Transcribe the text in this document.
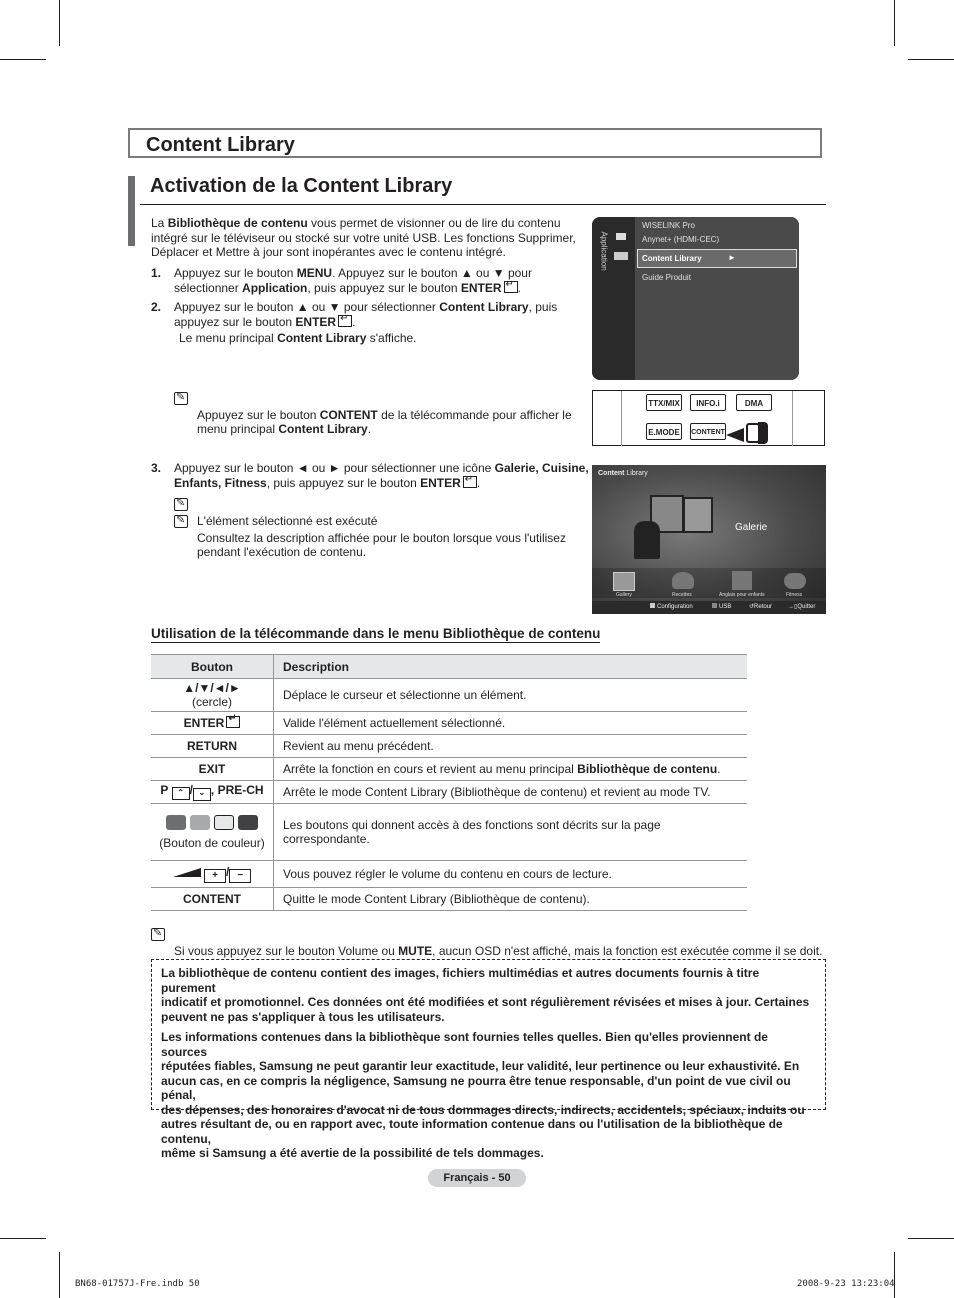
Content Library
Activation de la Content Library
La Bibliothèque de contenu vous permet de visionner ou de lire du contenu
intégré sur le téléviseur ou stocké sur votre unité USB. Les fonctions Supprimer,
Déplacer et Mettre à jour sont inopérantes avec le contenu intégré.
1. Appuyez sur le bouton MENU. Appuyez sur le bouton ▲ ou ▼ pour
sélectionner Application, puis appuyez sur le bouton ENTER ↵ .
2. Appuyez sur le bouton ▲ ou ▼ pour sélectionner Content Library, puis
appuyez sur le bouton ENTER ↵ .
Le menu principal Content Library s'affiche.
✎
Appuyez sur le bouton CONTENT de la télécommande pour afficher le
menu principal Content Library.
Application
WISELINK Pro
Anynet+ (HDMI-CEC)
Content Library	►
Guide Produit
TTX/MIX	INFO.i	DMA
E.MODE	CONTENT
3. Appuyez sur le bouton ◄ ou ► pour sélectionner une icône Galerie, Cuisine,
Enfants, Fitness, puis appuyez sur le bouton ENTER ↵ .
✎
L'élément sélectionné est exécuté
✎
Consultez la description affichée pour le bouton lorsque vous l'utilisez
pendant l'exécution de contenu.
Content Library
Galerie
Gallery	Recettes	Anglais pour enfants	Fitness
Configuration	USB	↺Retour	→▯Quitter
Utilisation de la télécommande dans le menu Bibliothèque de contenu
Bouton	Description
▲/▼/◄/►
(cercle)	Déplace le curseur et sélectionne un élément.
ENTER↵	Valide l'élément actuellement sélectionné.
RETURN	Revient au menu précédent.
EXIT	Arrête la fonction en cours et revient au menu principal Bibliothèque de contenu.
P ⌃ / ⌄ , PRE-CH	Arrête le mode Content Library (Bibliothèque de contenu) et revient au mode TV.

(Bouton de couleur)	Les boutons qui donnent accès à des fonctions sont décrits sur la page correspondante.
+ / −	Vous pouvez régler le volume du contenu en cours de lecture.
CONTENT	Quitte le mode Content Library (Bibliothèque de contenu).
✎
Si vous appuyez sur le bouton Volume ou MUTE, aucun OSD n'est affiché, mais la fonction est exécutée comme il se doit.
La bibliothèque de contenu contient des images, fichiers multimédias et autres documents fournis à titre purement
indicatif et promotionnel. Ces données ont été modifiées et sont régulièrement révisées et mises à jour. Certaines
peuvent ne pas s'appliquer à tous les utilisateurs.
Les informations contenues dans la bibliothèque sont fournies telles quelles. Bien qu'elles proviennent de sources
réputées fiables, Samsung ne peut garantir leur exactitude, leur validité, leur pertinence ou leur exhaustivité. En
aucun cas, en ce compris la négligence, Samsung ne pourra être tenue responsable, d'un point de vue civil ou pénal,
des dépenses, des honoraires d'avocat ni de tous dommages directs, indirects, accidentels, spéciaux, induits ou
autres résultant de, ou en rapport avec, toute information contenue dans ou l'utilisation de la bibliothèque de contenu,
même si Samsung a été avertie de la possibilité de tels dommages.
Français - 50
BN68-01757J-Fre.indb 50	2008-9-23 13:23:04
